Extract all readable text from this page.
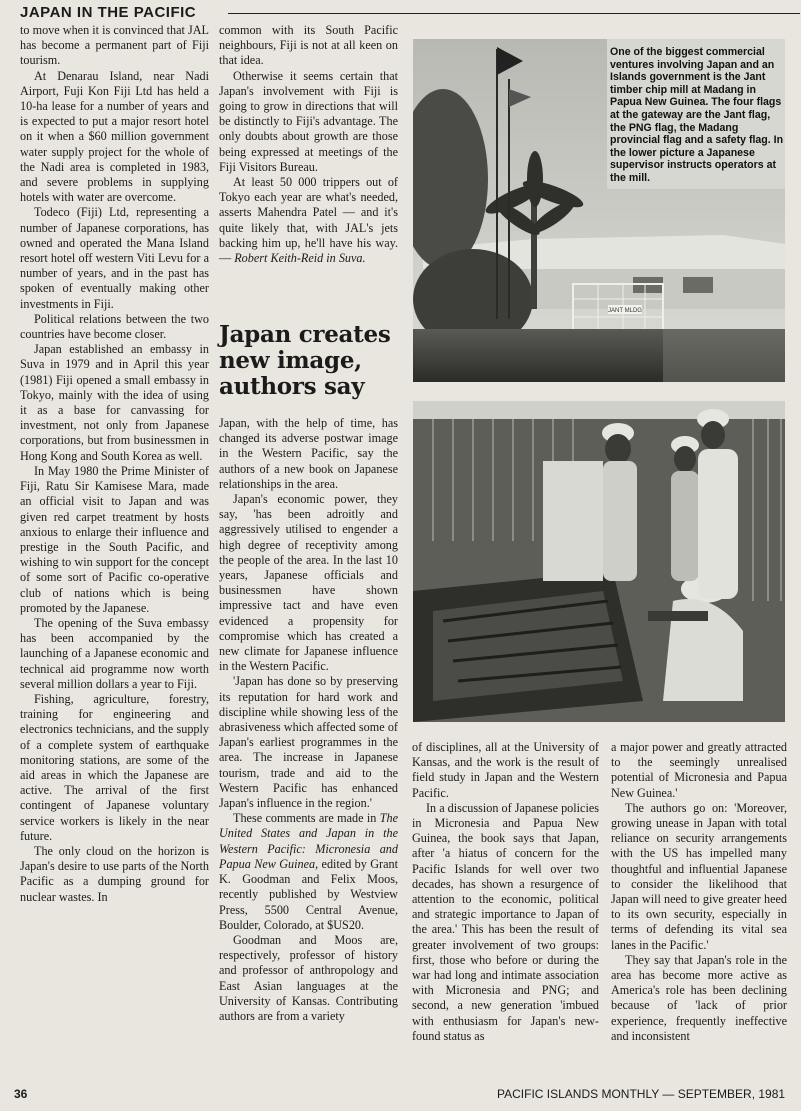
JAPAN IN THE PACIFIC

to move when it is convinced that JAL has become a permanent part of Fiji tourism.

At Denarau Island, near Nadi Airport, Fuji Kon Fiji Ltd has held a 10-ha lease for a number of years and is expected to put a major resort hotel on it when a $60 million government water supply project for the whole of the Nadi area is completed in 1983, and severe problems in supplying hotels with water are overcome.

Todeco (Fiji) Ltd, representing a number of Japanese corporations, has owned and operated the Mana Island resort hotel off western Viti Levu for a number of years, and in the past has spoken of eventually making other investments in Fiji.

Political relations between the two countries have become closer.

Japan established an embassy in Suva in 1979 and in April this year (1981) Fiji opened a small embassy in Tokyo, mainly with the idea of using it as a base for canvassing for investment, not only from Japanese corporations, but from businessmen in Hong Kong and South Korea as well.

In May 1980 the Prime Minister of Fiji, Ratu Sir Kamisese Mara, made an official visit to Japan and was given red carpet treatment by hosts anxious to enlarge their influence and prestige in the South Pacific, and wishing to win support for the concept of some sort of Pacific co-operative club of nations which is being promoted by the Japanese.

The opening of the Suva embassy has been accompanied by the launching of a Japanese economic and technical aid programme now worth several million dollars a year to Fiji.

Fishing, agriculture, forestry, training for engineering and electronics technicians, and the supply of a complete system of earthquake monitoring stations, are some of the aid areas in which the Japanese are active. The arrival of the first contingent of Japanese voluntary service workers is likely in the near future.

The only cloud on the horizon is Japan's desire to use parts of the North Pacific as a dumping ground for nuclear wastes. In

common with its South Pacific neighbours, Fiji is not at all keen on that idea.

Otherwise it seems certain that Japan's involvement with Fiji is going to grow in directions that will be distinctly to Fiji's advantage. The only doubts about growth are those being expressed at meetings of the Fiji Visitors Bureau.

At least 50 000 trippers out of Tokyo each year are what's needed, asserts Mahendra Patel — and it's quite likely that, with JAL's jets backing him up, he'll have his way. — Robert Keith-Reid in Suva.

Japan creates
new image,
authors say

Japan, with the help of time, has changed its adverse postwar image in the Western Pacific, say the authors of a new book on Japanese relationships in the area.

Japan's economic power, they say, 'has been adroitly and aggressively utilised to engender a high degree of receptivity among the people of the area. In the last 10 years, Japanese officials and businessmen have shown impressive tact and have even evidenced a propensity for compromise which has created a new climate for Japanese influence in the Western Pacific.

'Japan has done so by preserving its reputation for hard work and discipline while showing less of the abrasiveness which affected some of Japan's earliest programmes in the area. The increase in Japanese tourism, trade and aid to the Western Pacific has enhanced Japan's influence in the region.'

These comments are made in The United States and Japan in the Western Pacific: Micronesia and Papua New Guinea, edited by Grant K. Goodman and Felix Moos, recently published by Westview Press, 5500 Central Avenue, Boulder, Colorado, at $US20.

Goodman and Moos are, respectively, professor of history and professor of anthropology and East Asian languages at the University of Kansas. Contributing authors are from a variety

of disciplines, all at the University of Kansas, and the work is the result of field study in Japan and the Western Pacific.

In a discussion of Japanese policies in Micronesia and Papua New Guinea, the book says that Japan, after 'a hiatus of concern for the Pacific Islands for well over two decades, has shown a resurgence of attention to the economic, political and strategic importance to Japan of the area.' This has been the result of greater involvement of two groups: first, those who before or during the war had long and intimate association with Micronesia and PNG; and second, a new generation 'imbued with enthusiasm for Japan's new-found status as

a major power and greatly attracted to the seemingly unrealised potential of Micronesia and Papua New Guinea.'

The authors go on: 'Moreover, growing unease in Japan with total reliance on security arrangements with the US has impelled many thoughtful and influential Japanese to consider the likelihood that Japan will need to give greater heed to its own security, especially in terms of defending its vital sea lanes in the Pacific.'

They say that Japan's role in the area has become more active as America's role has been declining because of 'lack of prior experience, frequently ineffective and inconsistent

JANT MLDG
One of the biggest commercial ventures involving Japan and an Islands government is the Jant timber chip mill at Madang in Papua New Guinea. The four flags at the gateway are the Jant flag, the PNG flag, the Madang provincial flag and a safety flag. In the lower picture a Japanese supervisor instructs operators at the mill.
36	PACIFIC ISLANDS MONTHLY — SEPTEMBER, 1981
